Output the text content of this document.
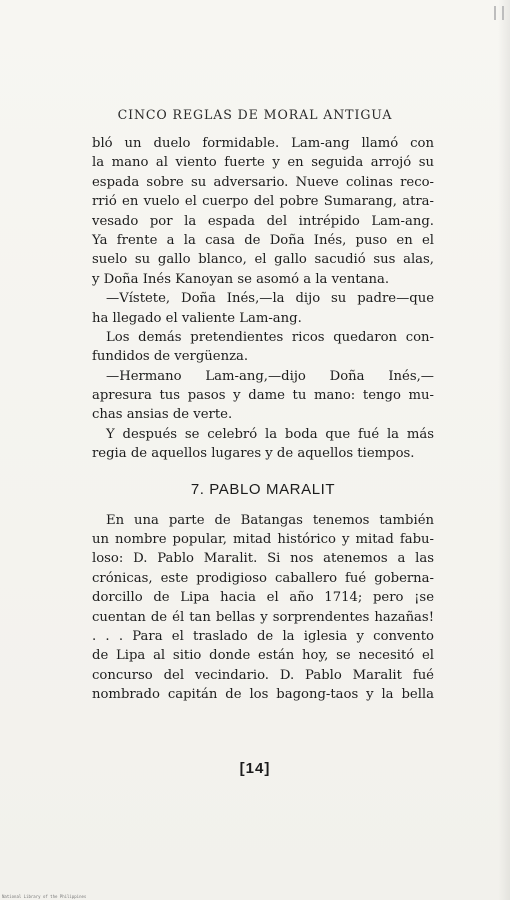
CINCO REGLAS DE MORAL ANTIGUA
bló un duelo formidable. Lam-ang llamó con
la mano al viento fuerte y en seguida arrojó su
espada sobre su adversario. Nueve colinas reco-
rrió en vuelo el cuerpo del pobre Sumarang, atra-
vesado por la espada del intrépido Lam-ang.
Ya frente a la casa de Doña Inés, puso en el
suelo su gallo blanco, el gallo sacudió sus alas,
y Doña Inés Kanoyan se asomó a la ventana.
—Vístete, Doña Inés,—la dijo su padre—que
ha llegado el valiente Lam-ang.
Los demás pretendientes ricos quedaron con-
fundidos de vergüenza.
—Hermano Lam-ang,—dijo Doña Inés,—
apresura tus pasos y dame tu mano: tengo mu-
chas ansias de verte.
Y después se celebró la boda que fué la más
regia de aquellos lugares y de aquellos tiempos.
7. PABLO MARALIT
En una parte de Batangas tenemos también
un nombre popular, mitad histórico y mitad fabu-
loso: D. Pablo Maralit. Si nos atenemos a las
crónicas, este prodigioso caballero fué goberna-
dorcillo de Lipa hacia el año 1714; pero ¡se
cuentan de él tan bellas y sorprendentes hazañas!
. . . Para el traslado de la iglesia y convento
de Lipa al sitio donde están hoy, se necesitó el
concurso del vecindario. D. Pablo Maralit fué
nombrado capitán de los bagong-taos y la bella
[14]
National Library of the Philippines
